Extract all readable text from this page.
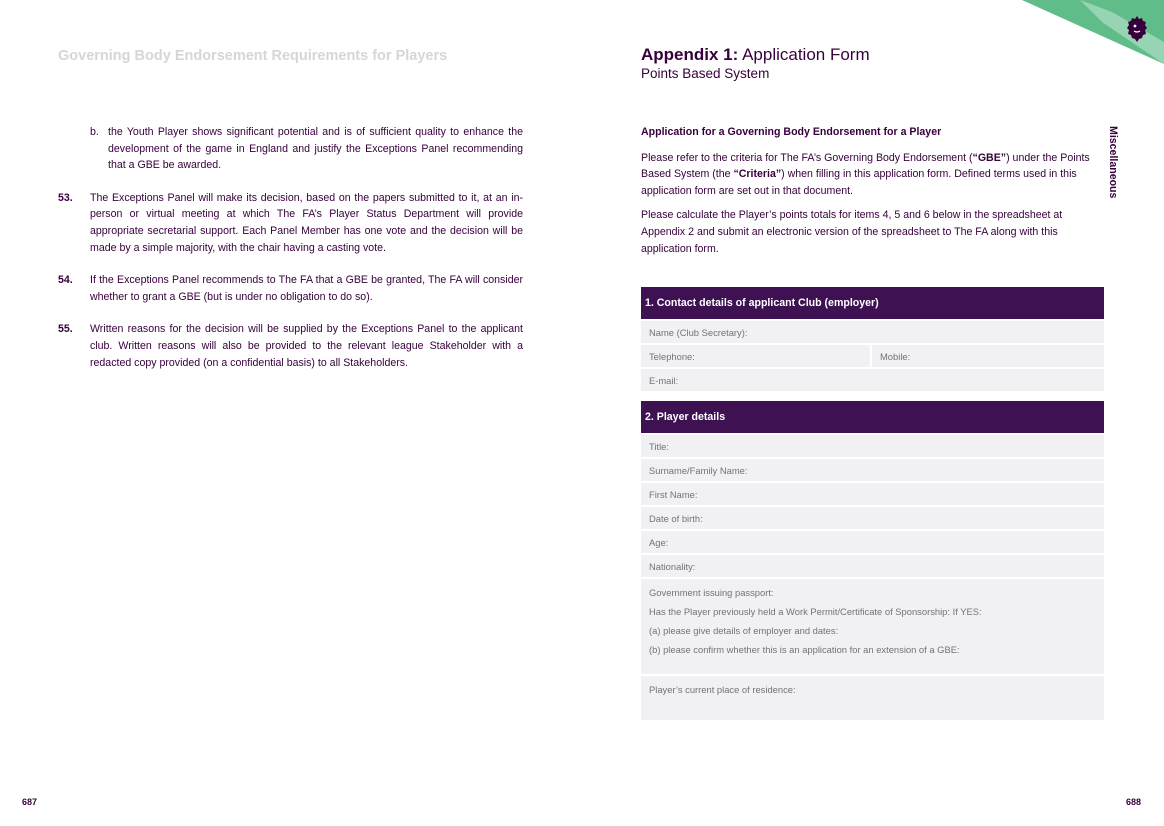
Governing Body Endorsement Requirements for Players
b. the Youth Player shows significant potential and is of sufficient quality to enhance the development of the game in England and justify the Exceptions Panel recommending that a GBE be awarded.
53.	The Exceptions Panel will make its decision, based on the papers submitted to it, at an in- person or virtual meeting at which The FA’s Player Status Department will provide appropriate secretarial support. Each Panel Member has one vote and the decision will be made by a simple majority, with the chair having a casting vote.
54.	If the Exceptions Panel recommends to The FA that a GBE be granted, The FA will consider whether to grant a GBE (but is under no obligation to do so).
55.	Written reasons for the decision will be supplied by the Exceptions Panel to the applicant club. Written reasons will also be provided to the relevant league Stakeholder with a redacted copy provided (on a confidential basis) to all Stakeholders.
687
Appendix 1: Application Form
Points Based System
Miscellaneous
Application for a Governing Body Endorsement for a Player

Please refer to the criteria for The FA’s Governing Body Endorsement (“GBE”) under the Points Based System (the “Criteria”) when filling in this application form. Defined terms used in this application form are set out in that document.

Please calculate the Player’s points totals for items 4, 5 and 6 below in the spreadsheet at Appendix 2 and submit an electronic version of the spreadsheet to The FA along with this application form.

1. Contact details of applicant Club (employer)
Name (Club Secretary):
Telephone:	Mobile:
E-mail:
2. Player details
Title:
Surname/Family Name:
First Name:
Date of birth:
Age:
Nationality:
Government issuing passport:
Has the Player previously held a Work Permit/Certificate of Sponsorship: If YES:
(a) please give details of employer and dates:
(b) please confirm whether this is an application for an extension of a GBE:
Player’s current place of residence:
688
